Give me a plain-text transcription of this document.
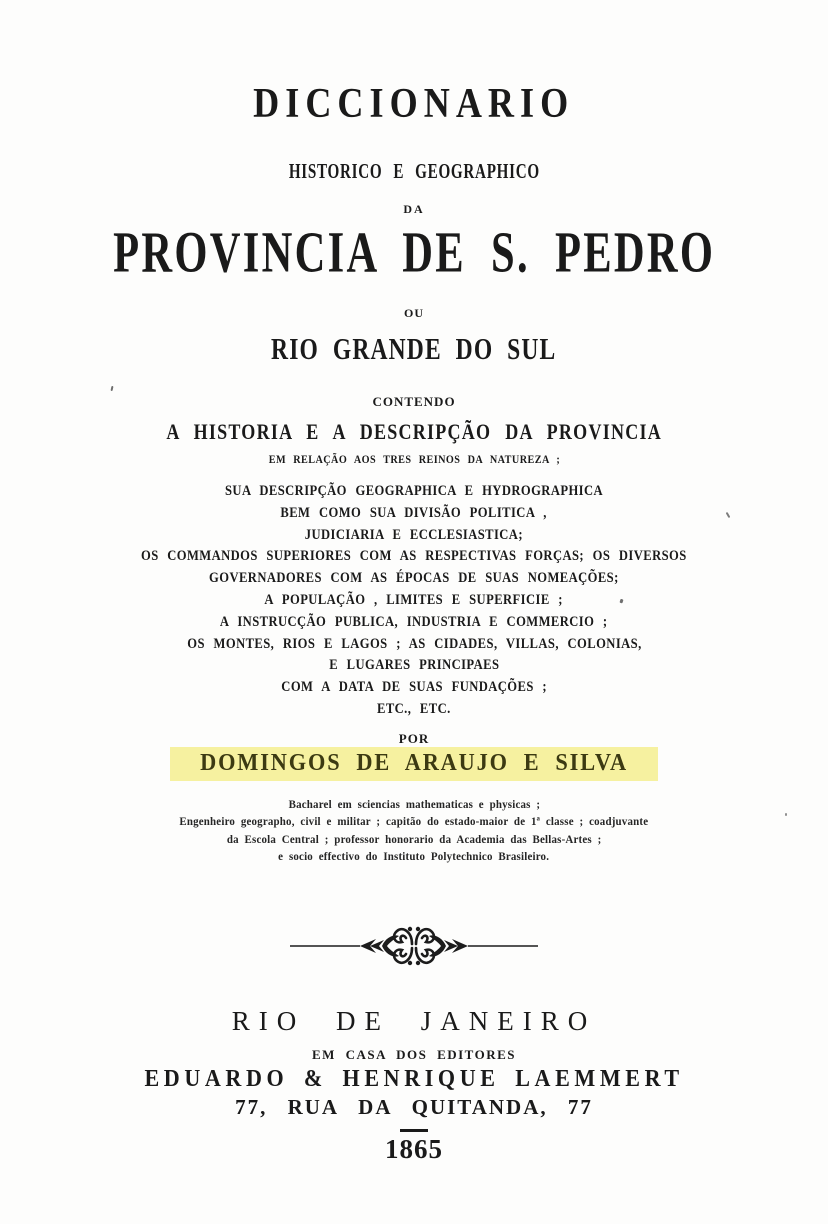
DICCIONARIO
HISTORICO E GEOGRAPHICO
DA
PROVINCIA DE S. PEDRO
OU
RIO GRANDE DO SUL
CONTENDO
A HISTORIA E A DESCRIPÇÃO DA PROVINCIA
EM RELAÇÃO AOS TRES REINOS DA NATUREZA ;
SUA DESCRIPÇÃO GEOGRAPHICA E HYDROGRAPHICA
BEM COMO SUA DIVISÃO POLITICA ,
JUDICIARIA E ECCLESIASTICA;
OS COMMANDOS SUPERIORES COM AS RESPECTIVAS FORÇAS; OS DIVERSOS
GOVERNADORES COM AS ÉPOCAS DE SUAS NOMEAÇÕES;
A POPULAÇÃO , LIMITES E SUPERFICIE ;
A INSTRUCÇÃO PUBLICA, INDUSTRIA E COMMERCIO ;
OS MONTES, RIOS E LAGOS ; AS CIDADES, VILLAS, COLONIAS,
E LUGARES PRINCIPAES
COM A DATA DE SUAS FUNDAÇÕES ;
ETC., ETC.
POR
DOMINGOS DE ARAUJO E SILVA
Bacharel em sciencias mathematicas e physicas ;
Engenheiro geographo, civil e militar ; capitão do estado-maior de 1ª classe ; coadjuvante
da Escola Central ; professor honorario da Academia das Bellas-Artes ;
e socio effectivo do Instituto Polytechnico Brasileiro.
RIO DE JANEIRO
EM CASA DOS EDITORES
EDUARDO & HENRIQUE LAEMMERT
77, RUA DA QUITANDA, 77
1865
